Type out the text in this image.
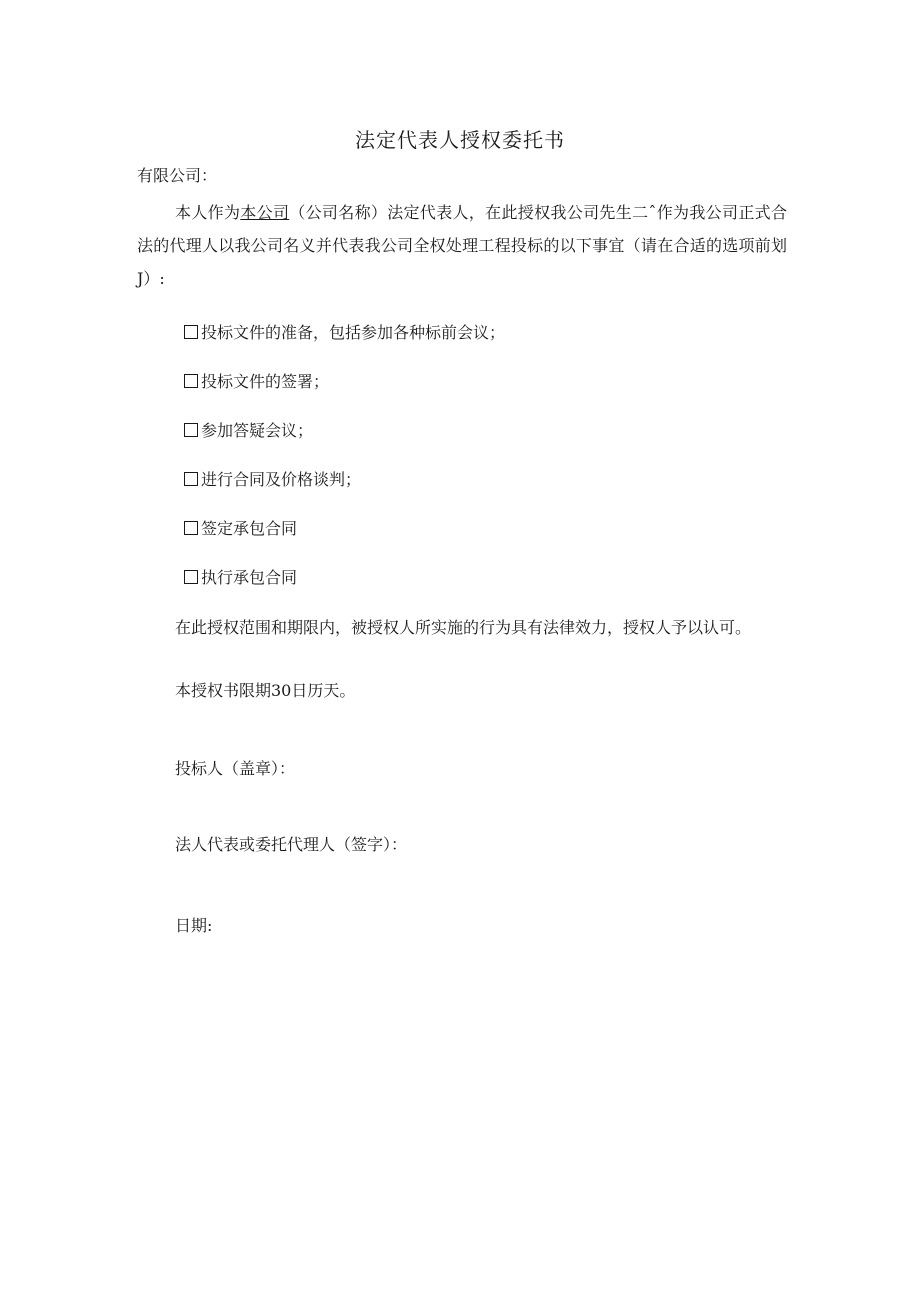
法定代表人授权委托书
有限公司：
本人作为本公司（公司名称）法定代表人，在此授权我公司先生二ˆ作为我公司正式合法的代理人以我公司名义并代表我公司全权处理工程投标的以下事宜（请在合适的选项前划J）:
投标文件的准备，包括参加各种标前会议；
投标文件的签署；
参加答疑会议；
进行合同及价格谈判；
签定承包合同
执行承包合同
在此授权范围和期限内，被授权人所实施的行为具有法律效力，授权人予以认可。
本授权书限期30日历天。
投标人（盖章）：
法人代表或委托代理人（签字）：
日期:
